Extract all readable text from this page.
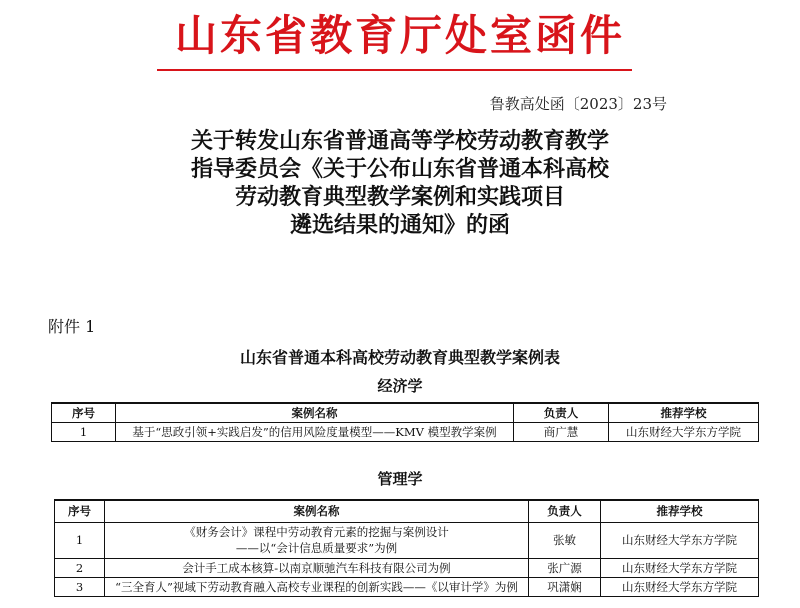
山东省教育厅处室函件
鲁教高处函〔2023〕23号
关于转发山东省普通高等学校劳动教育教学
指导委员会《关于公布山东省普通本科高校
劳动教育典型教学案例和实践项目
遴选结果的通知》的函
附件 1
山东省普通本科高校劳动教育典型教学案例表
经济学
序号	案例名称	负责人	推荐学校
1	基于“思政引领+实践启发”的信用风险度量模型——KMV 模型教学案例	商广慧	山东财经大学东方学院
管理学
序号	案例名称	负责人	推荐学校
1	《财务会计》课程中劳动教育元素的挖掘与案例设计
——以“会计信息质量要求”为例	张敏	山东财经大学东方学院
2	会计手工成本核算-以南京顺驰汽车科技有限公司为例	张广源	山东财经大学东方学院
3	“三全育人”视域下劳动教育融入高校专业课程的创新实践——《以审计学》为例	巩潇娴	山东财经大学东方学院
